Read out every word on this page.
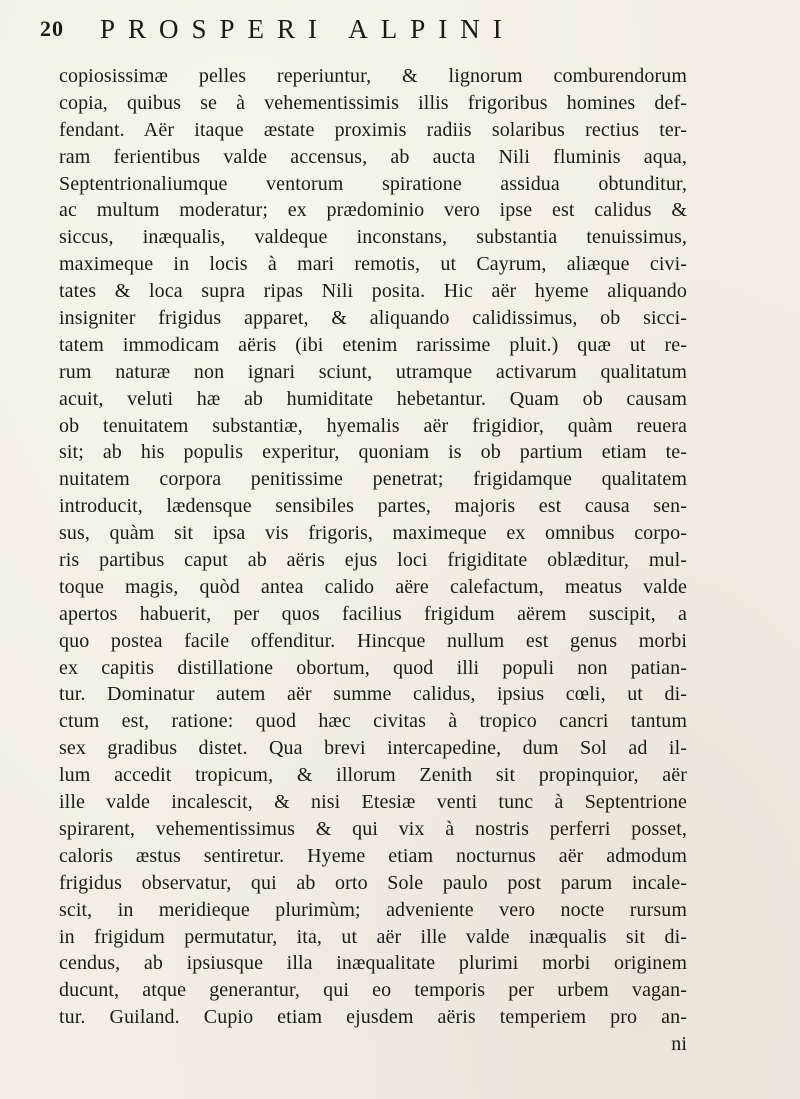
20 PROSPERI ALPINI
copiosissimæ pelles reperiuntur, & lignorum comburendorum
copia, quibus se à vehementissimis illis frigoribus homines def-
fendant. Aër itaque æstate proximis radiis solaribus rectius ter-
ram ferientibus valde accensus, ab aucta Nili fluminis aqua,
Septentrionaliumque ventorum spiratione assidua obtunditur,
ac multum moderatur; ex prædominio vero ipse est calidus &
siccus, inæqualis, valdeque inconstans, substantia tenuissimus,
maximeque in locis à mari remotis, ut Cayrum, aliæque civi-
tates & loca supra ripas Nili posita. Hic aër hyeme aliquando
insigniter frigidus apparet, & aliquando calidissimus, ob sicci-
tatem immodicam aëris (ibi etenim rarissime pluit.) quæ ut re-
rum naturæ non ignari sciunt, utramque activarum qualitatum
acuit, veluti hæ ab humiditate hebetantur. Quam ob causam
ob tenuitatem substantiæ, hyemalis aër frigidior, quàm reuera
sit; ab his populis experitur, quoniam is ob partium etiam te-
nuitatem corpora penitissime penetrat; frigidamque qualitatem
introducit, lædensque sensibiles partes, majoris est causa sen-
sus, quàm sit ipsa vis frigoris, maximeque ex omnibus corpo-
ris partibus caput ab aëris ejus loci frigiditate oblæditur, mul-
toque magis, quòd antea calido aëre calefactum, meatus valde
apertos habuerit, per quos facilius frigidum aërem suscipit, a
quo postea facile offenditur. Hincque nullum est genus morbi
ex capitis distillatione obortum, quod illi populi non patian-
tur. Dominatur autem aër summe calidus, ipsius cœli, ut di-
ctum est, ratione: quod hæc civitas à tropico cancri tantum
sex gradibus distet. Qua brevi intercapedine, dum Sol ad il-
lum accedit tropicum, & illorum Zenith sit propinquior, aër
ille valde incalescit, & nisi Etesiæ venti tunc à Septentrione
spirarent, vehementissimus & qui vix à nostris perferri posset,
caloris æstus sentiretur. Hyeme etiam nocturnus aër admodum
frigidus observatur, qui ab orto Sole paulo post parum incale-
scit, in meridieque plurimùm; adveniente vero nocte rursum
in frigidum permutatur, ita, ut aër ille valde inæqualis sit di-
cendus, ab ipsiusque illa inæqualitate plurimi morbi originem
ducunt, atque generantur, qui eo temporis per urbem vagan-
tur. Guiland. Cupio etiam ejusdem aëris temperiem pro an-
ni
